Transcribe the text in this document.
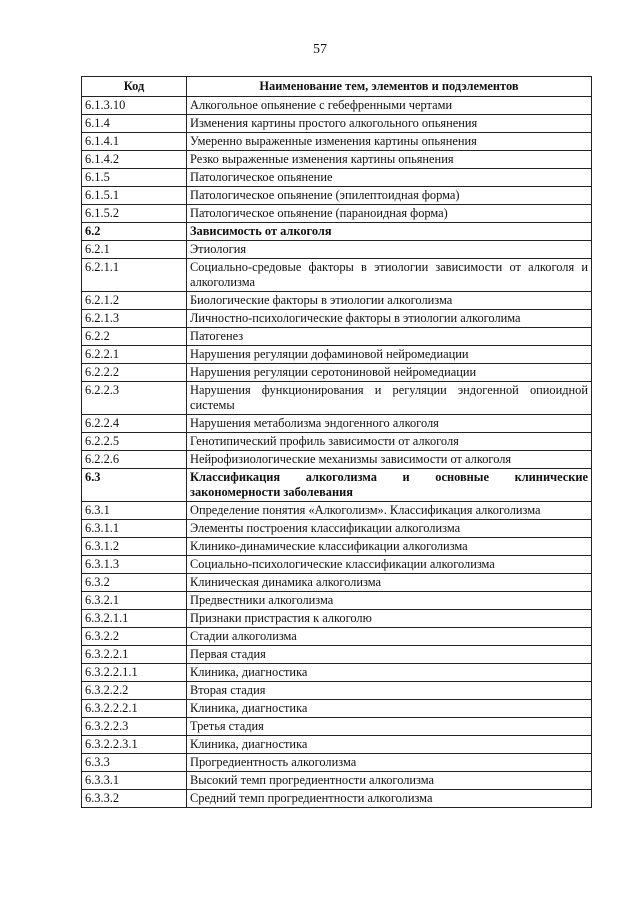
57
Код	Наименование тем, элементов и подэлементов
6.1.3.10	Алкогольное опьянение с гебефренными чертами
6.1.4	Изменения картины простого алкогольного опьянения
6.1.4.1	Умеренно выраженные изменения картины опьянения
6.1.4.2	Резко выраженные изменения картины опьянения
6.1.5	Патологическое опьянение
6.1.5.1	Патологическое опьянение (эпилептоидная форма)
6.1.5.2	Патологическое опьянение (параноидная форма)
6.2	Зависимость от алкоголя
6.2.1	Этиология
6.2.1.1	Социально-средовые факторы в этиологии зависимости от алкоголя и алкоголизма
6.2.1.2	Биологические факторы в этиологии алкоголизма
6.2.1.3	Личностно-психологические факторы в этиологии алкоголима
6.2.2	Патогенез
6.2.2.1	Нарушения регуляции дофаминовой нейромедиации
6.2.2.2	Нарушения регуляции серотониновой нейромедиации
6.2.2.3	Нарушения функционирования и регуляции эндогенной опиоидной системы
6.2.2.4	Нарушения метаболизма эндогенного алкоголя
6.2.2.5	Генотипический профиль зависимости от алкоголя
6.2.2.6	Нейрофизиологические механизмы зависимости от алкоголя
6.3	Классификация алкоголизма и основные клинические закономерности заболевания
6.3.1	Определение понятия «Алкоголизм». Классификация алкоголизма
6.3.1.1	Элементы построения классификации алкоголизма
6.3.1.2	Клинико-динамические классификации алкоголизма
6.3.1.3	Социально-психологические классификации алкоголизма
6.3.2	Клиническая динамика алкоголизма
6.3.2.1	Предвестники алкоголизма
6.3.2.1.1	Признаки пристрастия к алкоголю
6.3.2.2	Стадии алкоголизма
6.3.2.2.1	Первая стадия
6.3.2.2.1.1	Клиника, диагностика
6.3.2.2.2	Вторая стадия
6.3.2.2.2.1	Клиника, диагностика
6.3.2.2.3	Третья стадия
6.3.2.2.3.1	Клиника, диагностика
6.3.3	Прогредиентность алкоголизма
6.3.3.1	Высокий темп прогредиентности алкоголизма
6.3.3.2	Средний темп прогредиентности алкоголизма
